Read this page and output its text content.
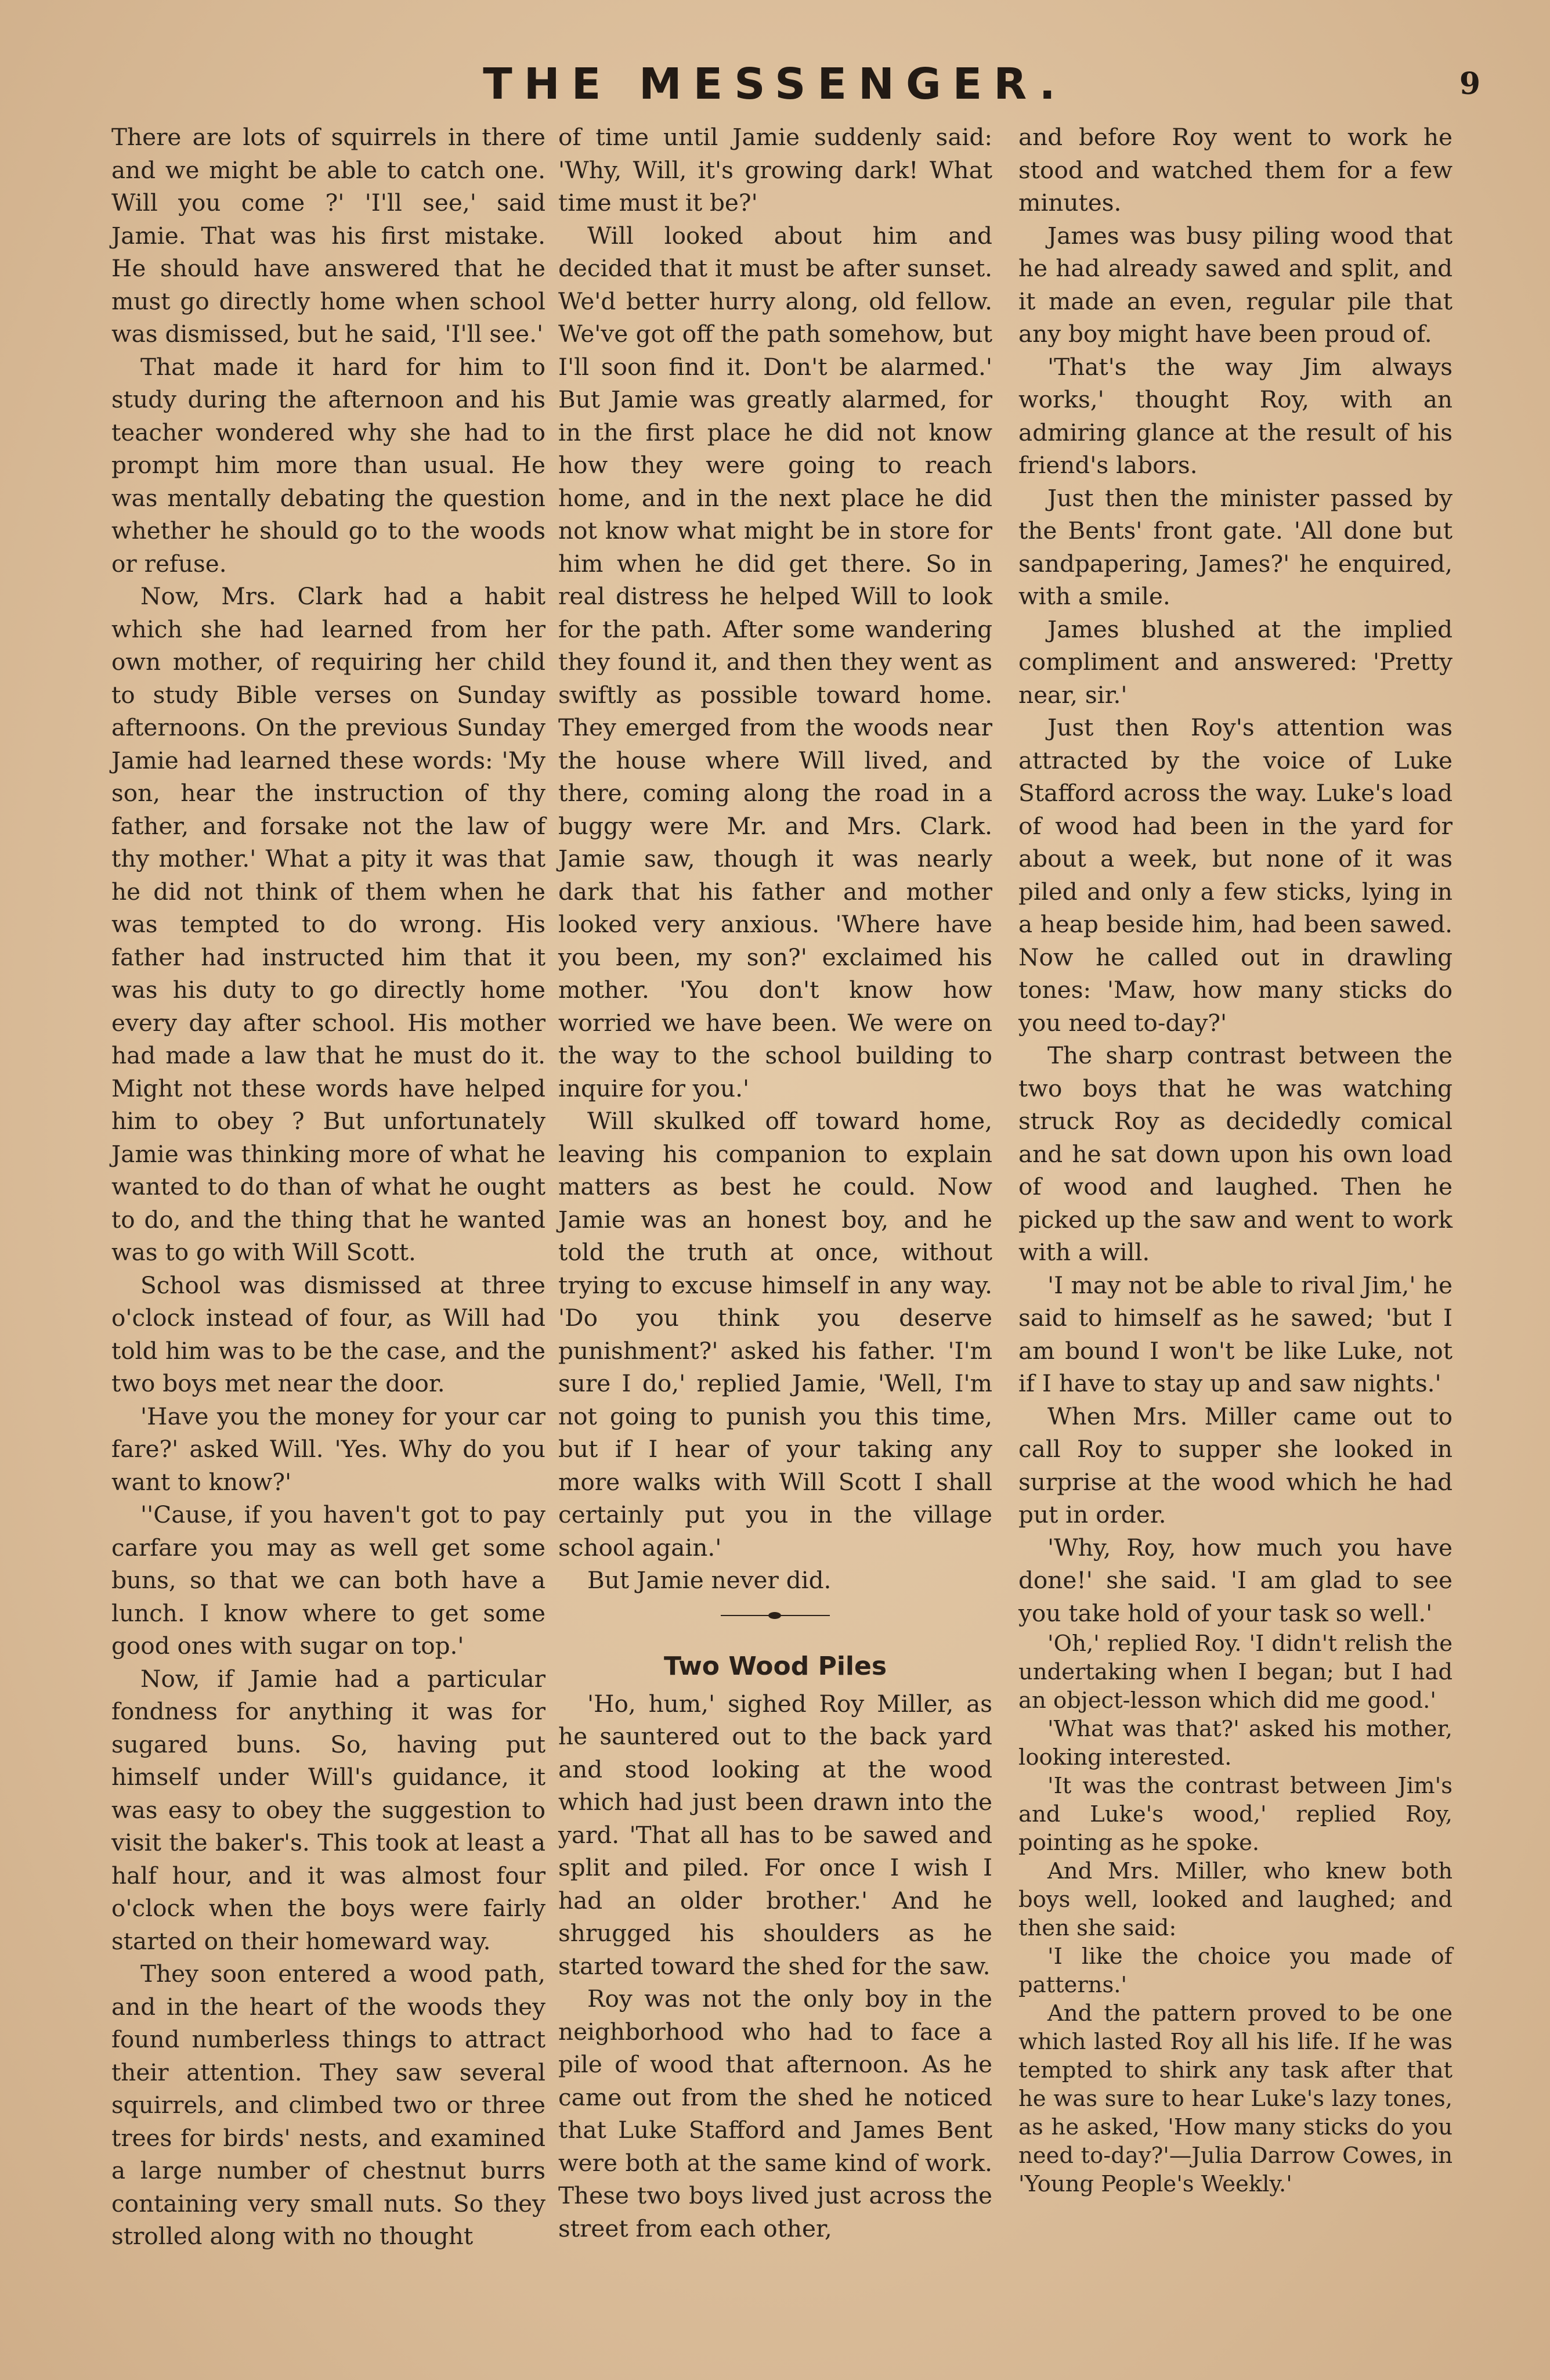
THE MESSENGER.	9

There are lots of squirrels in there and we might be able to catch one. Will you come ?' 'I'll see,' said Jamie. That was his first mistake. He should have answered that he must go directly home when school was dismissed, but he said, 'I'll see.'

That made it hard for him to study during the afternoon and his teacher wondered why she had to prompt him more than usual. He was mentally debating the question whether he should go to the woods or refuse.

Now, Mrs. Clark had a habit which she had learned from her own mother, of requiring her child to study Bible verses on Sunday afternoons. On the previous Sunday Jamie had learned these words: 'My son, hear the instruction of thy father, and forsake not the law of thy mother.' What a pity it was that he did not think of them when he was tempted to do wrong. His father had instructed him that it was his duty to go directly home every day after school. His mother had made a law that he must do it. Might not these words have helped him to obey ? But unfortunately Jamie was thinking more of what he wanted to do than of what he ought to do, and the thing that he wanted was to go with Will Scott.

School was dismissed at three o'clock instead of four, as Will had told him was to be the case, and the two boys met near the door.

'Have you the money for your car fare?' asked Will. 'Yes. Why do you want to know?'

''Cause, if you haven't got to pay carfare you may as well get some buns, so that we can both have a lunch. I know where to get some good ones with sugar on top.'

Now, if Jamie had a particular fondness for anything it was for sugared buns. So, having put himself under Will's guidance, it was easy to obey the suggestion to visit the baker's. This took at least a half hour, and it was almost four o'clock when the boys were fairly started on their homeward way.

They soon entered a wood path, and in the heart of the woods they found numberless things to attract their attention. They saw several squirrels, and climbed two or three trees for birds' nests, and examined a large number of chestnut burrs containing very small nuts. So they strolled along with no thought

of time until Jamie suddenly said: 'Why, Will, it's growing dark! What time must it be?'

Will looked about him and decided that it must be after sunset. We'd better hurry along, old fellow. We've got off the path somehow, but I'll soon find it. Don't be alarmed.' But Jamie was greatly alarmed, for in the first place he did not know how they were going to reach home, and in the next place he did not know what might be in store for him when he did get there. So in real distress he helped Will to look for the path. After some wandering they found it, and then they went as swiftly as possible toward home. They emerged from the woods near the house where Will lived, and there, coming along the road in a buggy were Mr. and Mrs. Clark. Jamie saw, though it was nearly dark that his father and mother looked very anxious. 'Where have you been, my son?' exclaimed his mother. 'You don't know how worried we have been. We were on the way to the school building to inquire for you.'

Will skulked off toward home, leaving his companion to explain matters as best he could. Now Jamie was an honest boy, and he told the truth at once, without trying to excuse himself in any way. 'Do you think you deserve punishment?' asked his father. 'I'm sure I do,' replied Jamie, 'Well, I'm not going to punish you this time, but if I hear of your taking any more walks with Will Scott I shall certainly put you in the village school again.'

But Jamie never did.

Two Wood Piles

'Ho, hum,' sighed Roy Miller, as he sauntered out to the back yard and stood looking at the wood which had just been drawn into the yard. 'That all has to be sawed and split and piled. For once I wish I had an older brother.' And he shrugged his shoulders as he started toward the shed for the saw.

Roy was not the only boy in the neighborhood who had to face a pile of wood that afternoon. As he came out from the shed he noticed that Luke Stafford and James Bent were both at the same kind of work. These two boys lived just across the street from each other,

and before Roy went to work he stood and watched them for a few minutes.

James was busy piling wood that he had already sawed and split, and it made an even, regular pile that any boy might have been proud of.

'That's the way Jim always works,' thought Roy, with an admiring glance at the result of his friend's labors.

Just then the minister passed by the Bents' front gate. 'All done but sandpapering, James?' he enquired, with a smile.

James blushed at the implied compliment and answered: 'Pretty near, sir.'

Just then Roy's attention was attracted by the voice of Luke Stafford across the way. Luke's load of wood had been in the yard for about a week, but none of it was piled and only a few sticks, lying in a heap beside him, had been sawed. Now he called out in drawling tones: 'Maw, how many sticks do you need to-day?'

The sharp contrast between the two boys that he was watching struck Roy as decidedly comical and he sat down upon his own load of wood and laughed. Then he picked up the saw and went to work with a will.

'I may not be able to rival Jim,' he said to himself as he sawed; 'but I am bound I won't be like Luke, not if I have to stay up and saw nights.'

When Mrs. Miller came out to call Roy to supper she looked in surprise at the wood which he had put in order.

'Why, Roy, how much you have done!' she said. 'I am glad to see you take hold of your task so well.'

'Oh,' replied Roy. 'I didn't relish the undertaking when I began; but I had an object-lesson which did me good.'

'What was that?' asked his mother, looking interested.

'It was the contrast between Jim's and Luke's wood,' replied Roy, pointing as he spoke.

And Mrs. Miller, who knew both boys well, looked and laughed; and then she said:

'I like the choice you made of patterns.'

And the pattern proved to be one which lasted Roy all his life. If he was tempted to shirk any task after that he was sure to hear Luke's lazy tones, as he asked, 'How many sticks do you need to-day?'—Julia Darrow Cowes, in 'Young People's Weekly.'
